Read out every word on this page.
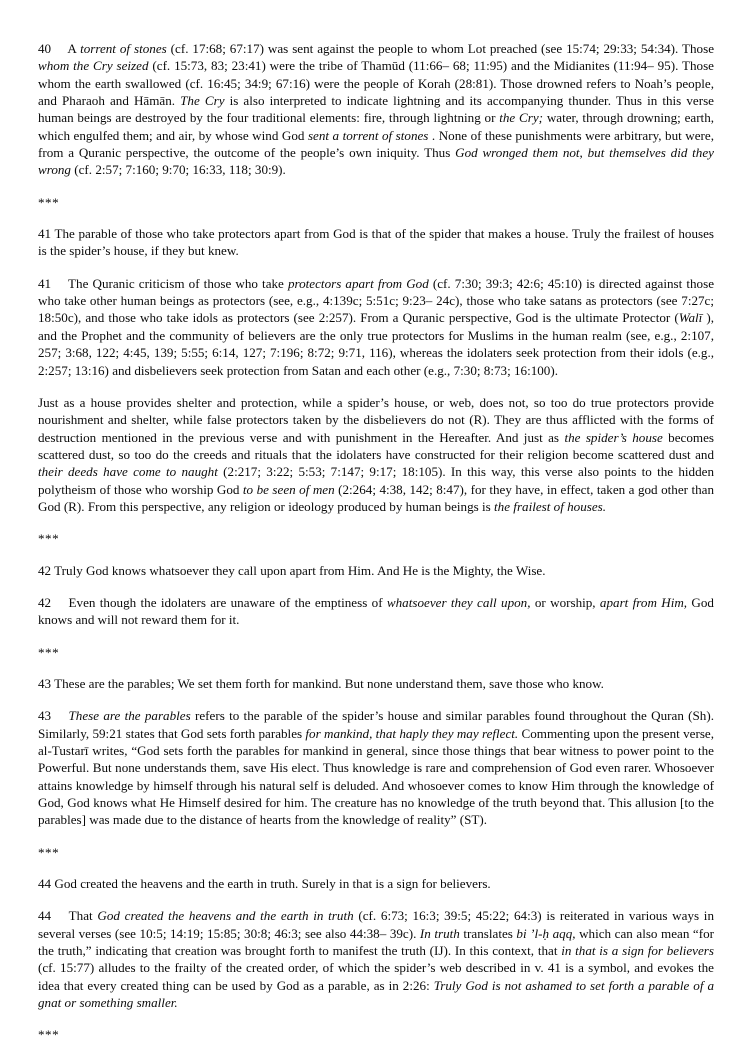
40  A torrent of stones (cf. 17:68; 67:17) was sent against the people to whom Lot preached (see 15:74; 29:33; 54:34). Those whom the Cry seized (cf. 15:73, 83; 23:41) were the tribe of Thamūd (11:66– 68; 11:95) and the Midianites (11:94– 95). Those whom the earth swallowed (cf. 16:45; 34:9; 67:16) were the people of Korah (28:81). Those drowned refers to Noah’s people, and Pharaoh and Hāmān. The Cry is also interpreted to indicate lightning and its accompanying thunder. Thus in this verse human beings are destroyed by the four traditional elements: fire, through lightning or the Cry; water, through drowning; earth, which engulfed them; and air, by whose wind God sent a torrent of stones . None of these punishments were arbitrary, but were, from a Quranic perspective, the outcome of the people’s own iniquity. Thus God wronged them not, but themselves did they wrong (cf. 2:57; 7:160; 9:70; 16:33, 118; 30:9).
***
41 The parable of those who take protectors apart from God is that of the spider that makes a house. Truly the frailest of houses is the spider’s house, if they but knew.
41  The Quranic criticism of those who take protectors apart from God (cf. 7:30; 39:3; 42:6; 45:10) is directed against those who take other human beings as protectors (see, e.g., 4:139c; 5:51c; 9:23– 24c), those who take satans as protectors (see 7:27c; 18:50c), and those who take idols as protectors (see 2:257). From a Quranic perspective, God is the ultimate Protector (Walī ), and the Prophet and the community of believers are the only true protectors for Muslims in the human realm (see, e.g., 2:107, 257; 3:68, 122; 4:45, 139; 5:55; 6:14, 127; 7:196; 8:72; 9:71, 116), whereas the idolaters seek protection from their idols (e.g., 2:257; 13:16) and disbelievers seek protection from Satan and each other (e.g., 7:30; 8:73; 16:100).
Just as a house provides shelter and protection, while a spider’s house, or web, does not, so too do true protectors provide nourishment and shelter, while false protectors taken by the disbelievers do not (R). They are thus afflicted with the forms of destruction mentioned in the previous verse and with punishment in the Hereafter. And just as the spider’s house becomes scattered dust, so too do the creeds and rituals that the idolaters have constructed for their religion become scattered dust and their deeds have come to naught (2:217; 3:22; 5:53; 7:147; 9:17; 18:105). In this way, this verse also points to the hidden polytheism of those who worship God to be seen of men (2:264; 4:38, 142; 8:47), for they have, in effect, taken a god other than God (R). From this perspective, any religion or ideology produced by human beings is the frailest of houses.
***
42 Truly God knows whatsoever they call upon apart from Him. And He is the Mighty, the Wise.
42  Even though the idolaters are unaware of the emptiness of whatsoever they call upon, or worship, apart from Him, God knows and will not reward them for it.
***
43 These are the parables; We set them forth for mankind. But none understand them, save those who know.
43  These are the parables refers to the parable of the spider’s house and similar parables found throughout the Quran (Sh). Similarly, 59:21 states that God sets forth parables for mankind, that haply they may reflect. Commenting upon the present verse, al-Tustarī writes, “God sets forth the parables for mankind in general, since those things that bear witness to power point to the Powerful. But none understands them, save His elect. Thus knowledge is rare and comprehension of God even rarer. Whosoever attains knowledge by himself through his natural self is deluded. And whosoever comes to know Him through the knowledge of God, God knows what He Himself desired for him. The creature has no knowledge of the truth beyond that. This allusion [to the parables] was made due to the distance of hearts from the knowledge of reality” (ST).
***
44 God created the heavens and the earth in truth. Surely in that is a sign for believers.
44  That God created the heavens and the earth in truth (cf. 6:73; 16:3; 39:5; 45:22; 64:3) is reiterated in various ways in several verses (see 10:5; 14:19; 15:85; 30:8; 46:3; see also 44:38– 39c). In truth translates bi ’l-ḥ aqq, which can also mean “for the truth,” indicating that creation was brought forth to manifest the truth (IJ). In this context, that in that is a sign for believers (cf. 15:77) alludes to the frailty of the created order, of which the spider’s web described in v. 41 is a symbol, and evokes the idea that every created thing can be used by God as a parable, as in 2:26: Truly God is not ashamed to set forth a parable of a gnat or something smaller.
***
